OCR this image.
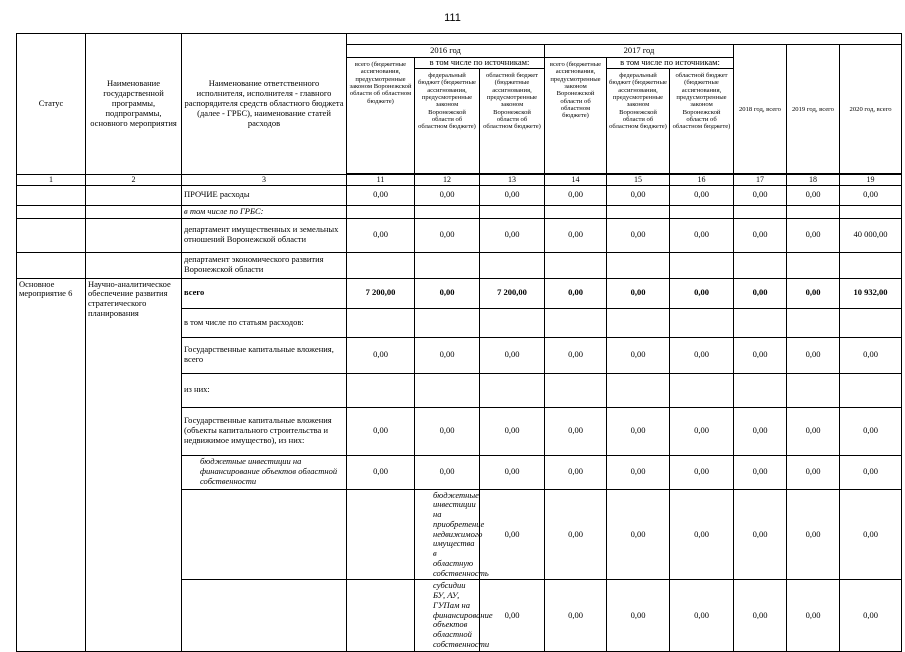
111
Статус	Наименование государственной программы, подпрограммы, основного мероприятия	Наименование ответственного исполнителя, исполнителя - главного распорядителя средств областного бюджета (далее - ГРБС), наименование статей расходов										
			2016 год			2017 год			2018 год, всего	2019 год, всего	2020 год, всего	
			всего (бюджетные ассигнования, предусмотренные законом Воронежской области об областном бюджете)	в том числе по источникам:		всего (бюджетные ассигнования, предусмотренные законом Воронежской области об областном бюджете)	в том числе по источникам:					
				федеральный бюджет (бюджетные ассигнования, предусмотренные законом Воронежской области об областном бюджете)	областной бюджет (бюджетные ассигнования, предусмотренные законом Воронежской области об областном бюджете)		федеральный бюджет (бюджетные ассигнования, предусмотренные законом Воронежской области об областном бюджете)	областной бюджет (бюджетные ассигнования, предусмотренные законом Воронежской области об областном бюджете)				

1	2	3	11	12	13	14	15	16	17	18	19	
		ПРОЧИЕ расходы	0,00	0,00	0,00	0,00	0,00	0,00	0,00	0,00	0,00	
		в том числе по ГРБС:										
		департамент имущественных и земельных отношений Воронежской области	0,00	0,00	0,00	0,00	0,00	0,00	0,00	0,00	40 000,00	
		департамент экономического развития Воронежской области										
Основное мероприятие 6	Научно-аналитическое обеспечение развития стратегического планирования	всего	7 200,00	0,00	7 200,00	0,00	0,00	0,00	0,00	0,00	10 932,00	
		в том числе по статьям расходов:										
		Государственные капитальные вложения, всего	0,00	0,00	0,00	0,00	0,00	0,00	0,00	0,00	0,00	
		из них:										
		Государственные капитальные вложения (объекты капитального строительства и недвижимое имущество), из них:	0,00	0,00	0,00	0,00	0,00	0,00	0,00	0,00	0,00	
		бюджетные инвестиции на финансирование объектов областной собственности	0,00	0,00	0,00	0,00	0,00	0,00	0,00	0,00	0,00	
				бюджетные инвестиции на приобретение недвижимого имущества в областную собственность	0,00	0,00	0,00	0,00	0,00	0,00	0,00		
				субсидии БУ, АУ, ГУПам на финансирование объектов областной собственности	0,00	0,00	0,00	0,00	0,00	0,00	0,00		
